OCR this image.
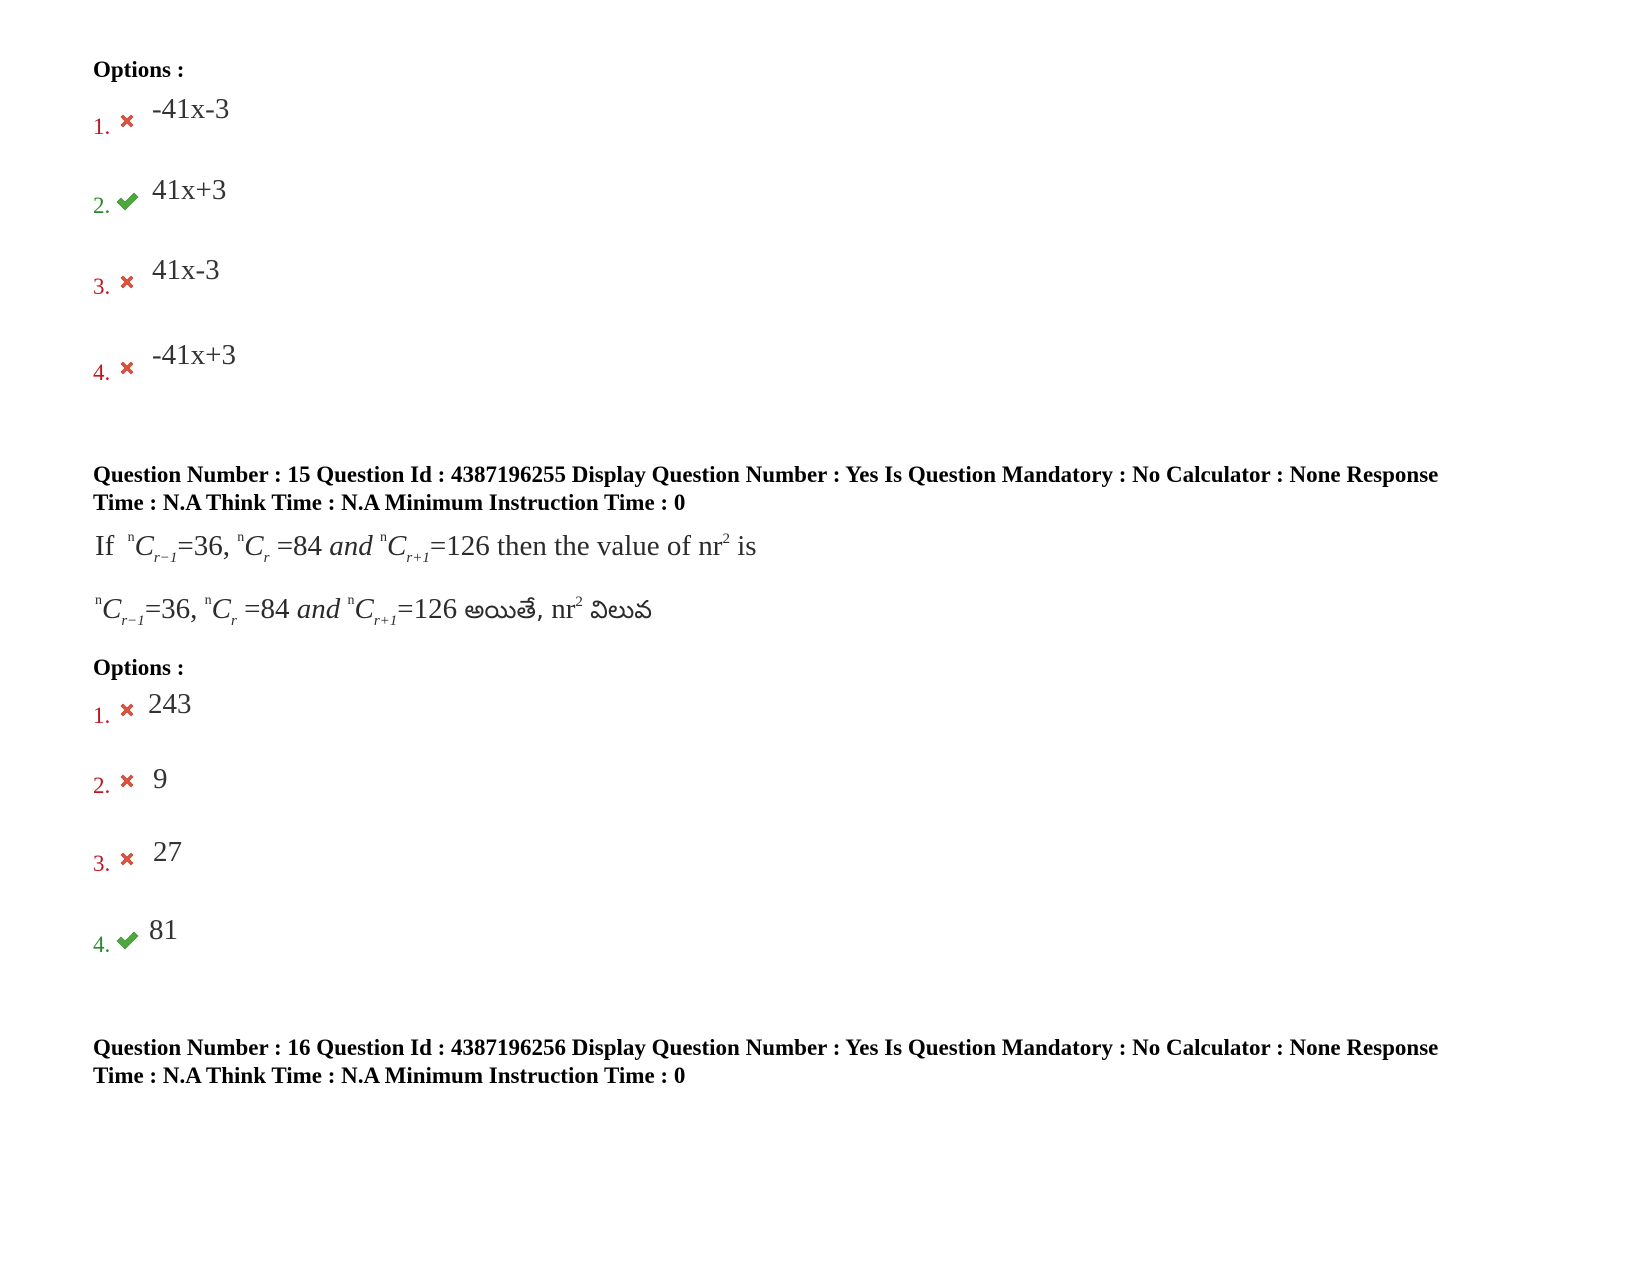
Options :
1.
-41x-3
2. 41x+3
3.
41x-3
4.
-41x+3
Question Number : 15 Question Id : 4387196255 Display Question Number : Yes Is Question Mandatory : No Calculator : None Response
Time : N.A Think Time : N.A Minimum Instruction Time : 0
If $^nC_{r-1}=36$, $^nC_r =84$ and $^nC_{r+1}=126$ then the value of $nr^2$ is
$^nC_{r-1}=36$, $^nC_r =84$ and $^nC_{r+1}=126$ అయితే, $nr^2$ విలువ
Options :
1. 243
2. 9
3. 27
4. 81
Question Number : 16 Question Id : 4387196256 Display Question Number : Yes Is Question Mandatory : No Calculator : None Response
Time : N.A Think Time : N.A Minimum Instruction Time : 0
